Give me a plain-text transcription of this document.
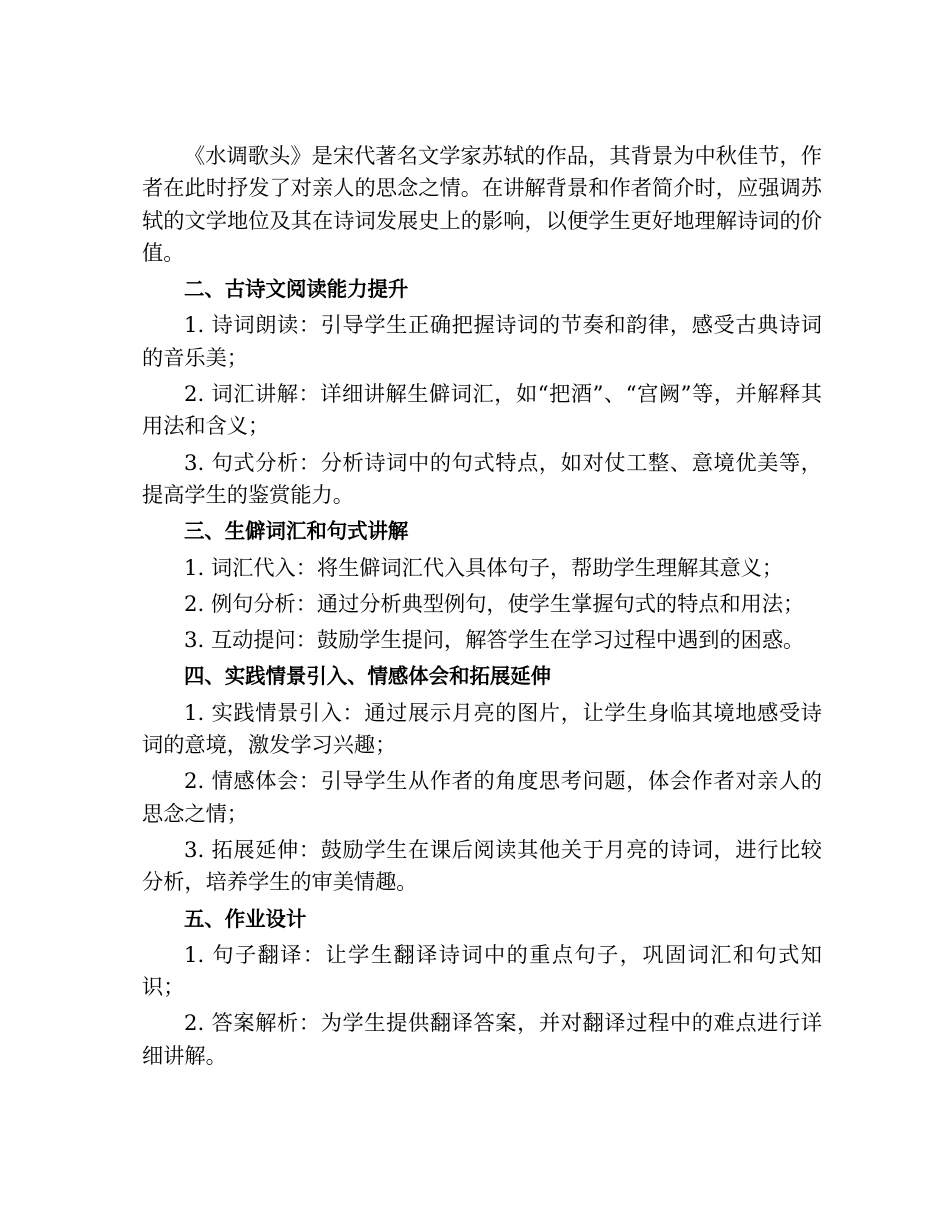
《水调歌头》是宋代著名文学家苏轼的作品，其背景为中秋佳节，作者在此时抒发了对亲人的思念之情。在讲解背景和作者简介时，应强调苏轼的文学地位及其在诗词发展史上的影响，以便学生更好地理解诗词的价值。

二、古诗文阅读能力提升

1. 诗词朗读：引导学生正确把握诗词的节奏和韵律，感受古典诗词的音乐美；

2. 词汇讲解：详细讲解生僻词汇，如“把酒”、“宫阙”等，并解释其用法和含义；

3. 句式分析：分析诗词中的句式特点，如对仗工整、意境优美等，提高学生的鉴赏能力。

三、生僻词汇和句式讲解

1. 词汇代入：将生僻词汇代入具体句子，帮助学生理解其意义；

2. 例句分析：通过分析典型例句，使学生掌握句式的特点和用法；

3. 互动提问：鼓励学生提问，解答学生在学习过程中遇到的困惑。

四、实践情景引入、情感体会和拓展延伸

1. 实践情景引入：通过展示月亮的图片，让学生身临其境地感受诗词的意境，激发学习兴趣；

2. 情感体会：引导学生从作者的角度思考问题，体会作者对亲人的思念之情；

3. 拓展延伸：鼓励学生在课后阅读其他关于月亮的诗词，进行比较分析，培养学生的审美情趣。

五、作业设计

1. 句子翻译：让学生翻译诗词中的重点句子，巩固词汇和句式知识；

2. 答案解析：为学生提供翻译答案，并对翻译过程中的难点进行详细讲解。
